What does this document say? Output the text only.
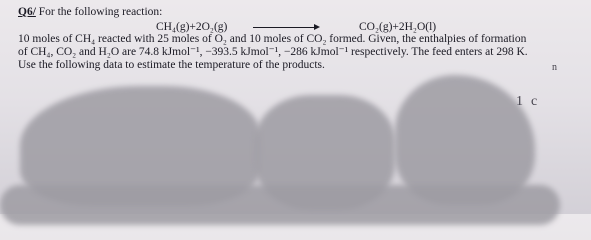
Q6/ For the following reaction:
CH₄(g)+2O₂(g)	CO₂(g)+2H₂O(l)
10 moles of CH₄ reacted with 25 moles of O₂ and 10 moles of CO₂ formed. Given, the enthalpies of formation
of CH₄, CO₂ and H₂O are 74.8 kJmol⁻¹, −393.5 kJmol⁻¹, −286 kJmol⁻¹ respectively. The feed enters at 298 K.
Use the following data to estimate the temperature of the products.
1 c
n
